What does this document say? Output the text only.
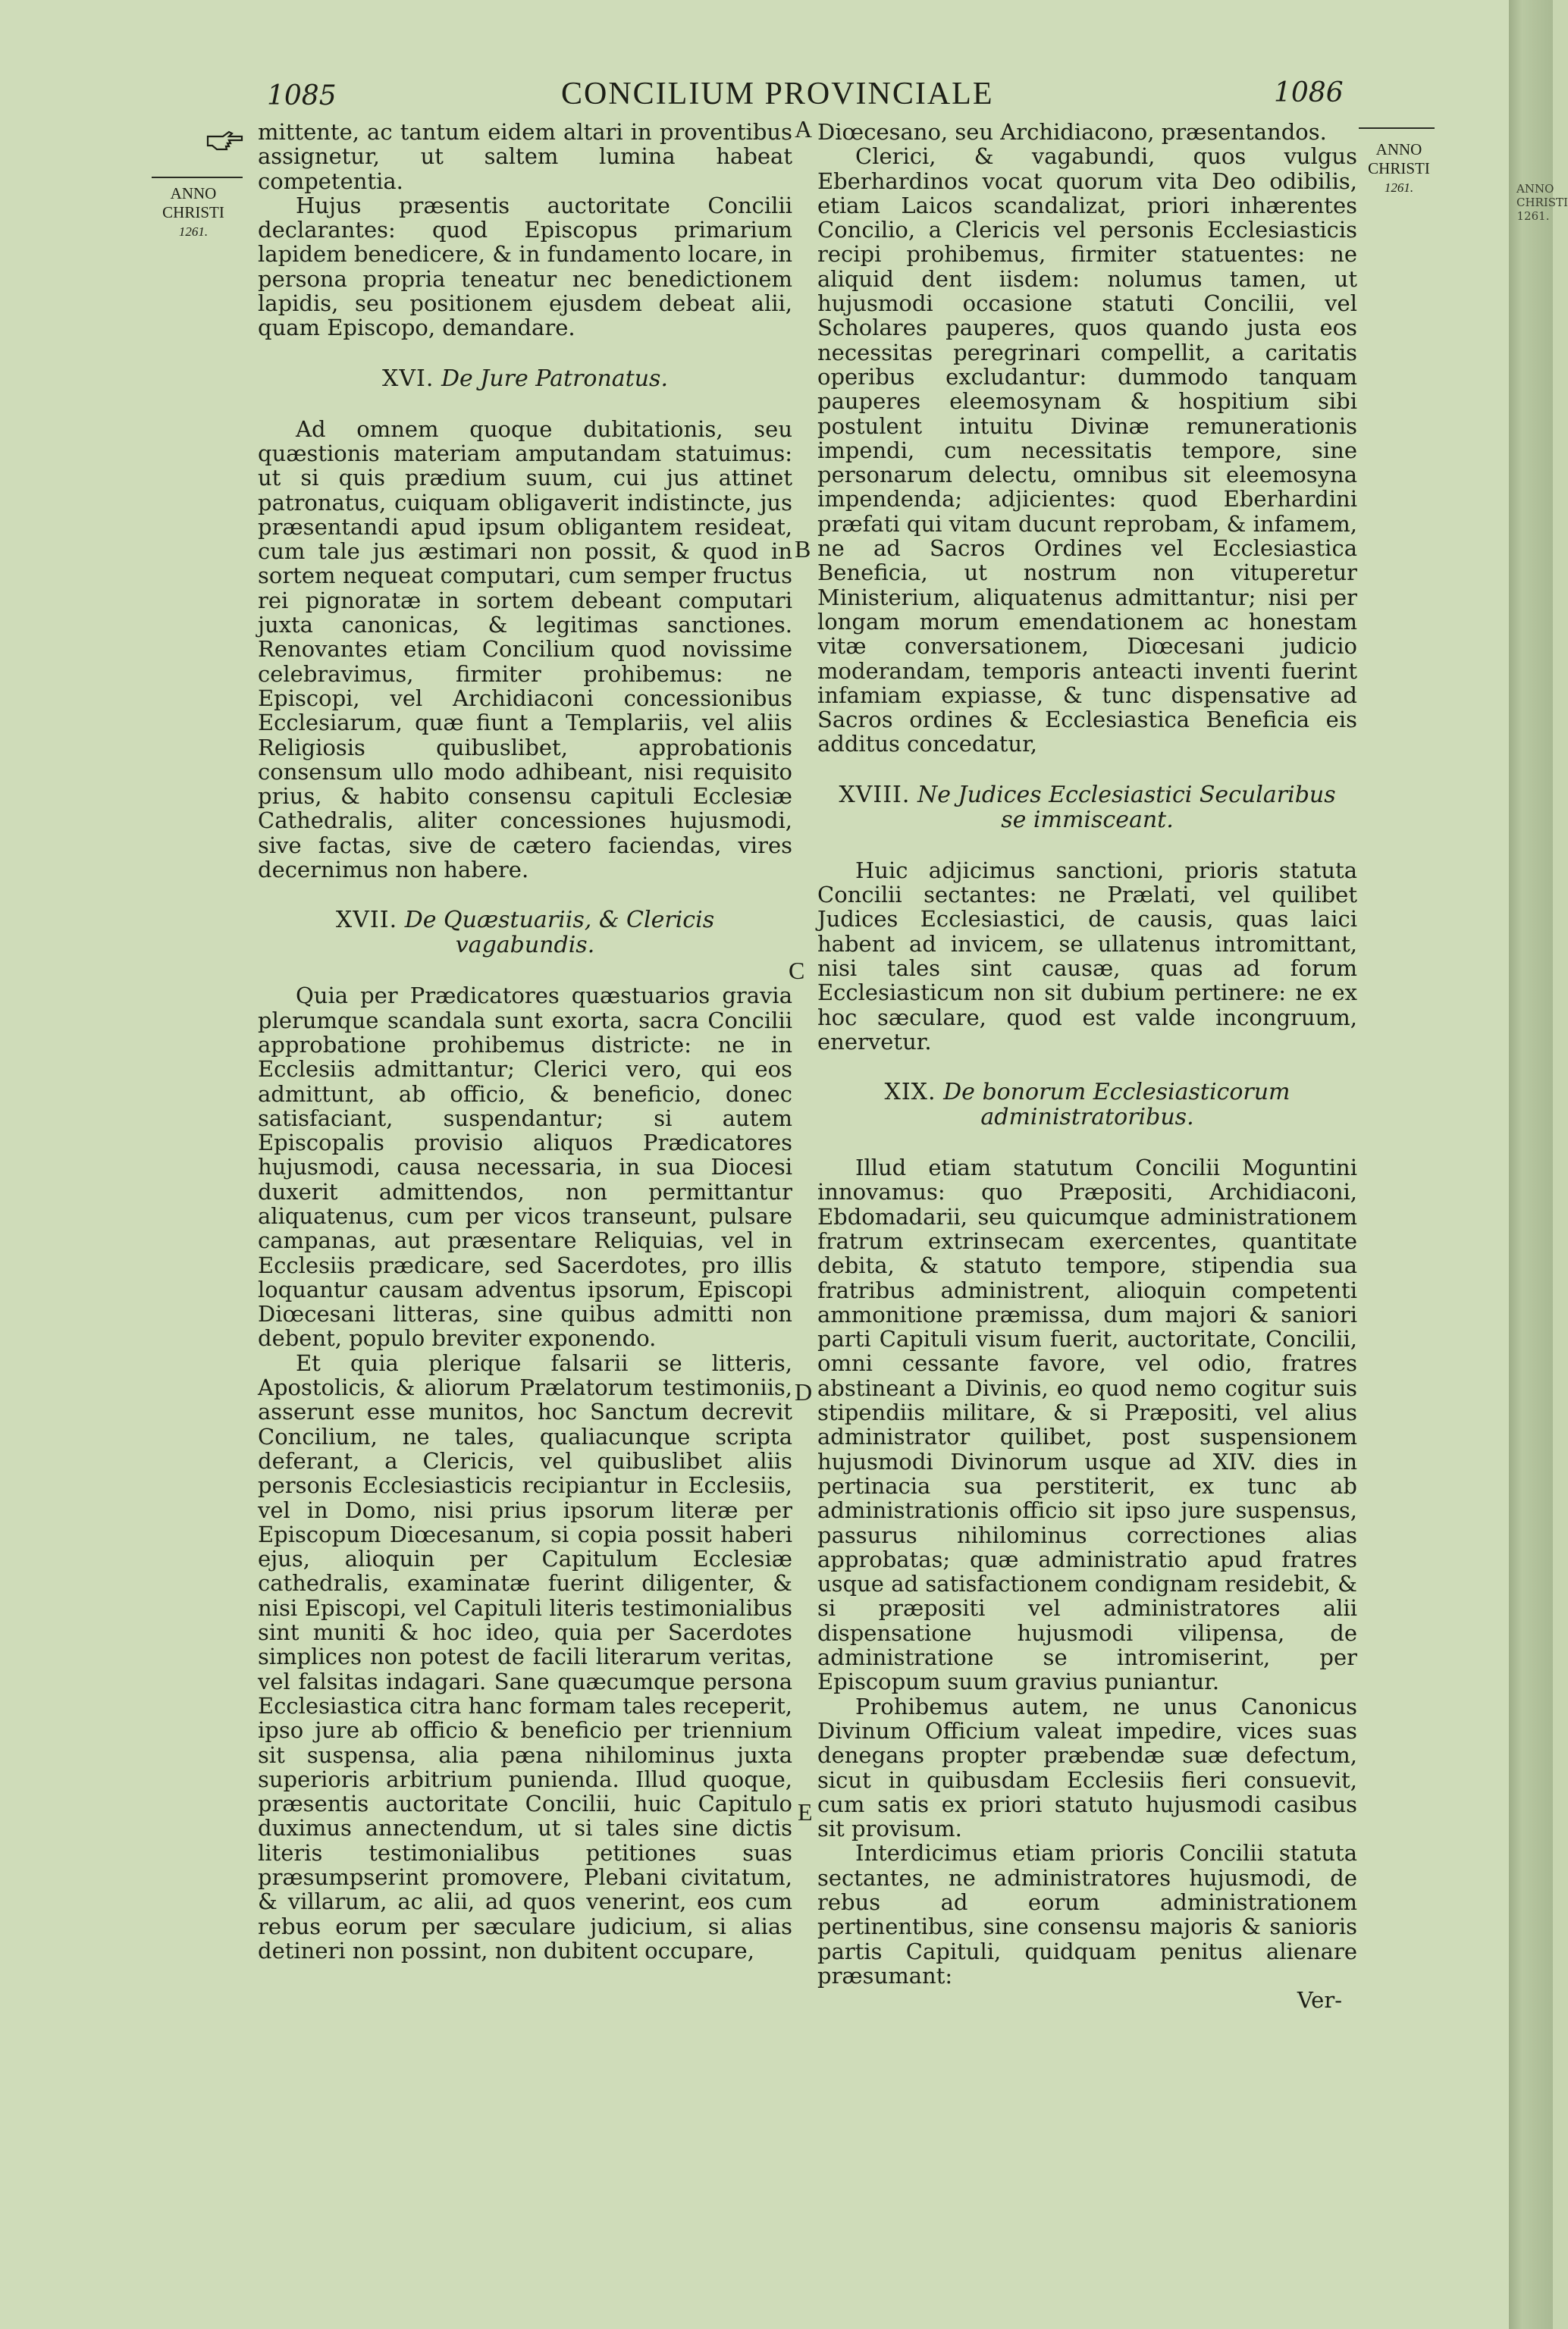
1085	CONCILIUM PROVINCIALE	1086
ANNO
CHRISTI
1261.
ANNO
CHRISTI
1261.
A
B
C
D
E

mittente, ac tantum eidem altari in proventibus assignetur, ut saltem lumina habeat competentia.

Hujus præsentis auctoritate Concilii declarantes: quod Episcopus primarium lapidem benedicere, & in fundamento locare, in persona propria teneatur nec benedictionem lapidis, seu positionem ejusdem debeat alii, quam Episcopo, demandare.

XVI. De Jure Patronatus.

Ad omnem quoque dubitationis, seu quæstionis materiam amputandam statuimus: ut si quis prædium suum, cui jus attinet patronatus, cuiquam obligaverit indistincte, jus præsentandi apud ipsum obligantem resideat, cum tale jus æstimari non possit, & quod in sortem nequeat computari, cum semper fructus rei pignoratæ in sortem debeant computari juxta canonicas, & legitimas sanctiones. Renovantes etiam Concilium quod novissime celebravimus, firmiter prohibemus: ne Episcopi, vel Archidiaconi concessionibus Ecclesiarum, quæ fiunt a Templariis, vel aliis Religiosis quibuslibet, approbationis consensum ullo modo adhibeant, nisi requisito prius, & habito consensu capituli Ecclesiæ Cathedralis, aliter concessiones hujusmodi, sive factas, sive de cætero faciendas, vires decernimus non habere.

XVII. De Quæstuariis, & Clericis vagabundis.

Quia per Prædicatores quæstuarios gravia plerumque scandala sunt exorta, sacra Concilii approbatione prohibemus districte: ne in Ecclesiis admittantur; Clerici vero, qui eos admittunt, ab officio, & beneficio, donec satisfaciant, suspendantur; si autem Episcopalis provisio aliquos Prædicatores hujusmodi, causa necessaria, in sua Diocesi duxerit admittendos, non permittantur aliquatenus, cum per vicos transeunt, pulsare campanas, aut præsentare Reliquias, vel in Ecclesiis prædicare, sed Sacerdotes, pro illis loquantur causam adventus ipsorum, Episcopi Diœcesani litteras, sine quibus admitti non debent, populo breviter exponendo.

Et quia plerique falsarii se litteris, Apostolicis, & aliorum Prælatorum testimoniis, asserunt esse munitos, hoc Sanctum decrevit Concilium, ne tales, qualiacunque scripta deferant, a Clericis, vel quibuslibet aliis personis Ecclesiasticis recipiantur in Ecclesiis, vel in Domo, nisi prius ipsorum literæ per Episcopum Diœcesanum, si copia possit haberi ejus, alioquin per Capitulum Ecclesiæ cathedralis, examinatæ fuerint diligenter, & nisi Episcopi, vel Capituli literis testimonialibus sint muniti & hoc ideo, quia per Sacerdotes simplices non potest de facili literarum veritas, vel falsitas indagari. Sane quæcumque persona Ecclesiastica citra hanc formam tales receperit, ipso jure ab officio & beneficio per triennium sit suspensa, alia pæna nihilominus juxta superioris arbitrium punienda. Illud quoque, præsentis auctoritate Concilii, huic Capitulo duximus annectendum, ut si tales sine dictis literis testimonialibus petitiones suas præsumpserint promovere, Plebani civitatum, & villarum, ac alii, ad quos venerint, eos cum rebus eorum per sæculare judicium, si alias detineri non possint, non dubitent occupare,

Diœcesano, seu Archidiacono, præsentandos.

Clerici, & vagabundi, quos vulgus Eberhardinos vocat quorum vita Deo odibilis, etiam Laicos scandalizat, priori inhærentes Concilio, a Clericis vel personis Ecclesiasticis recipi prohibemus, firmiter statuentes: ne aliquid dent iisdem: nolumus tamen, ut hujusmodi occasione statuti Concilii, vel Scholares pauperes, quos quando justa eos necessitas peregrinari compellit, a caritatis operibus excludantur: dummodo tanquam pauperes eleemosynam & hospitium sibi postulent intuitu Divinæ remunerationis impendi, cum necessitatis tempore, sine personarum delectu, omnibus sit eleemosyna impendenda; adjicientes: quod Eberhardini præfati qui vitam ducunt reprobam, & infamem, ne ad Sacros Ordines vel Ecclesiastica Beneficia, ut nostrum non vituperetur Ministerium, aliquatenus admittantur; nisi per longam morum emendationem ac honestam vitæ conversationem, Diœcesani judicio moderandam, temporis anteacti inventi fuerint infamiam expiasse, & tunc dispensative ad Sacros ordines & Ecclesiastica Beneficia eis additus concedatur,

XVIII. Ne Judices Ecclesiastici Secularibus se immisceant.

Huic adjicimus sanctioni, prioris statuta Concilii sectantes: ne Prælati, vel quilibet Judices Ecclesiastici, de causis, quas laici habent ad invicem, se ullatenus intromittant, nisi tales sint causæ, quas ad forum Ecclesiasticum non sit dubium pertinere: ne ex hoc sæculare, quod est valde incongruum, enervetur.

XIX. De bonorum Ecclesiasticorum administratoribus.

Illud etiam statutum Concilii Moguntini innovamus: quo Præpositi, Archidiaconi, Ebdomadarii, seu quicumque administrationem fratrum extrinsecam exercentes, quantitate debita, & statuto tempore, stipendia sua fratribus administrent, alioquin competenti ammonitione præmissa, dum majori & saniori parti Capituli visum fuerit, auctoritate, Concilii, omni cessante favore, vel odio, fratres abstineant a Divinis, eo quod nemo cogitur suis stipendiis militare, & si Præpositi, vel alius administrator quilibet, post suspensionem hujusmodi Divinorum usque ad XIV. dies in pertinacia sua perstiterit, ex tunc ab administrationis officio sit ipso jure suspensus, passurus nihilominus correctiones alias approbatas; quæ administratio apud fratres usque ad satisfactionem condignam residebit, & si præpositi vel administratores alii dispensatione hujusmodi vilipensa, de administratione se intromiserint, per Episcopum suum gravius puniantur.

Prohibemus autem, ne unus Canonicus Divinum Officium valeat impedire, vices suas denegans propter præbendæ suæ defectum, sicut in quibusdam Ecclesiis fieri consuevit, cum satis ex priori statuto hujusmodi casibus sit provisum.

Interdicimus etiam prioris Concilii statuta sectantes, ne administratores hujusmodi, de rebus ad eorum administrationem pertinentibus, sine consensu majoris & sanioris partis Capituli, quidquam penitus alienare præsumant:

Ver-
ANNO
CHRISTI
1261.
